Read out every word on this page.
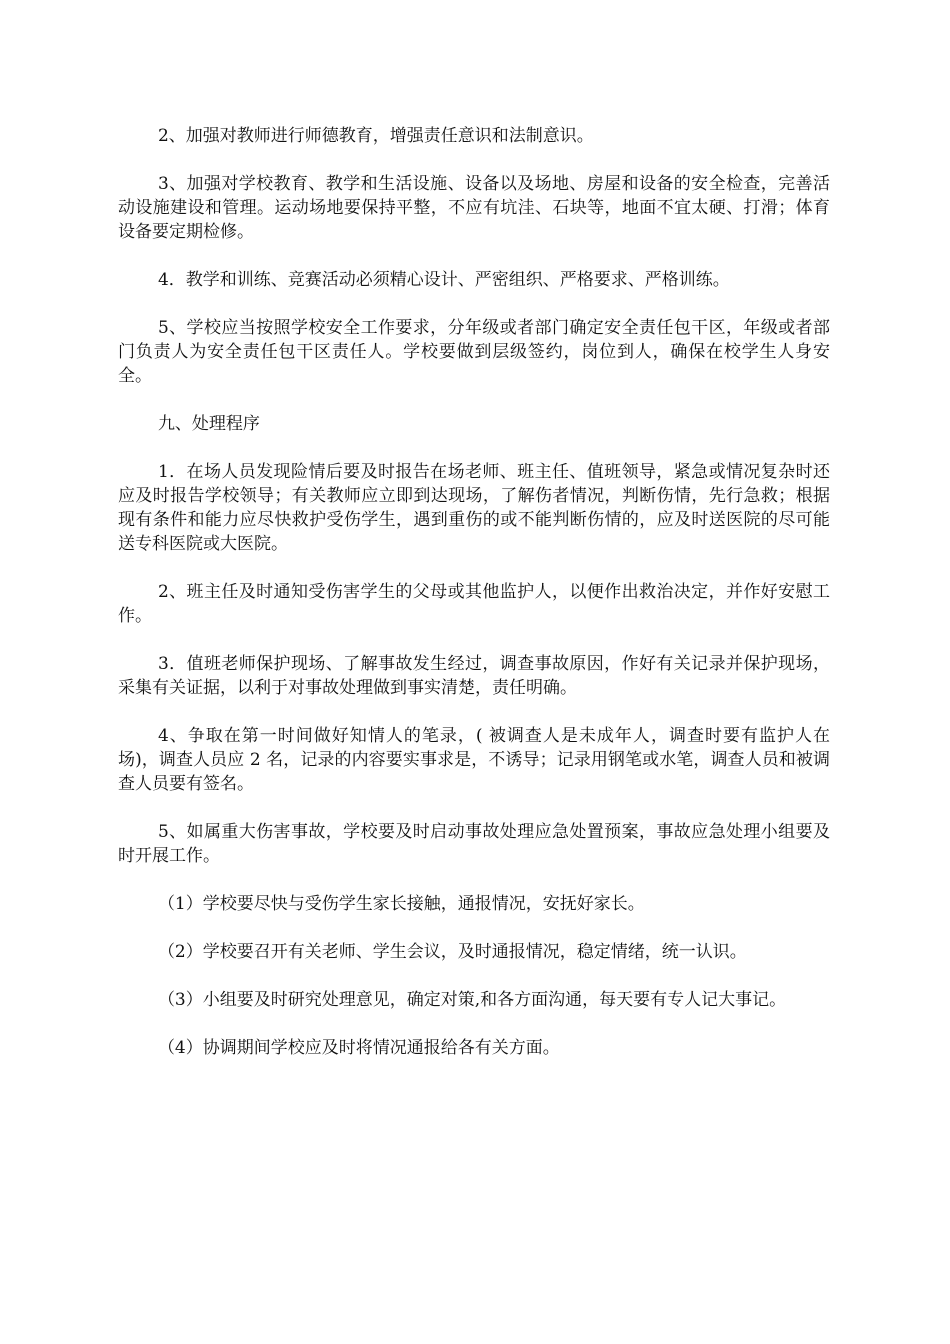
2、加强对教师进行师德教育，增强责任意识和法制意识。

3、加强对学校教育、教学和生活设施、设备以及场地、房屋和设备的安全检查，完善活动设施建设和管理。运动场地要保持平整，不应有坑洼、石块等，地面不宜太硬、打滑；体育设备要定期检修。

4．教学和训练、竞赛活动必须精心设计、严密组织、严格要求、严格训练。

5、学校应当按照学校安全工作要求，分年级或者部门确定安全责任包干区，年级或者部门负责人为安全责任包干区责任人。学校要做到层级签约，岗位到人，确保在校学生人身安全。

九、处理程序

1．在场人员发现险情后要及时报告在场老师、班主任、值班领导，紧急或情况复杂时还应及时报告学校领导；有关教师应立即到达现场，了解伤者情况，判断伤情，先行急救；根据现有条件和能力应尽快救护受伤学生，遇到重伤的或不能判断伤情的，应及时送医院的尽可能送专科医院或大医院。

2、班主任及时通知受伤害学生的父母或其他监护人，以便作出救治决定，并作好安慰工作。

3．值班老师保护现场、了解事故发生经过，调查事故原因，作好有关记录并保护现场，采集有关证据，以利于对事故处理做到事实清楚，责任明确。

4、争取在第一时间做好知情人的笔录，( 被调查人是未成年人，调查时要有监护人在场)，调查人员应 2 名，记录的内容要实事求是，不诱导；记录用钢笔或水笔，调查人员和被调查人员要有签名。

5、如属重大伤害事故，学校要及时启动事故处理应急处置预案，事故应急处理小组要及时开展工作。

（1）学校要尽快与受伤学生家长接触，通报情况，安抚好家长。

（2）学校要召开有关老师、学生会议，及时通报情况，稳定情绪，统一认识。

（3）小组要及时研究处理意见，确定对策,和各方面沟通，每天要有专人记大事记。

（4）协调期间学校应及时将情况通报给各有关方面。
